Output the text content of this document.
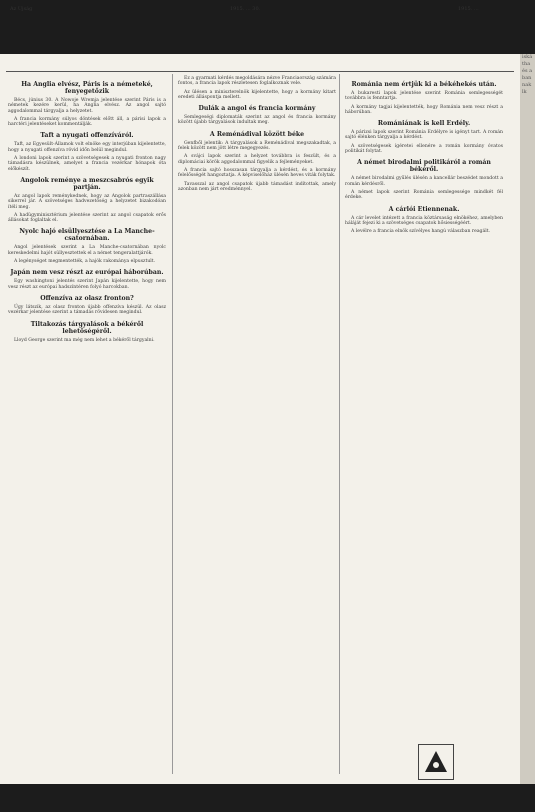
Az Ujság	1915. ... 30.	1915. ...
Ha Anglia elvész, Páris is a németeké, fenyegetőzik

Bécs, június 30. A Nowoje Wremja jelentése szerint Páris is a németek kezére kerül, ha Anglia elvész. Az angol sajtó aggodalommal tárgyalja a helyzetet.

A francia kormány súlyos döntések előtt áll, a párisi lapok a harctéri jelentéseket kommentálják.

Taft a nyugati offenzíváról.

Taft, az Egyesült-Államok volt elnöke egy interjúban kijelentette, hogy a nyugati offenzíva rövid időn belül megindul.

A londoni lapok szerint a szövetségesek a nyugati fronton nagy támadásra készülnek, amelyet a francia vezérkar hónapok óta előkészít.

Angolok reménye a meszcsabrós egyik partján.

Az angol lapok reménykednek, hogy az Angolok partraszállása sikerrel jár. A szövetséges hadvezetőség a helyzetet bizakodóan ítéli meg.

A hadügyminisztérium jelentése szerint az angol csapatok erős állásokat foglaltak el.

Nyolc hajó elsüllyesztése a La Manche-csatornában.

Angol jelentések szerint a La Manche-csatornában nyolc kereskedelmi hajót süllyesztettek el a német tengeralattjárók.

A legénységet megmentették, a hajók rakománya elpusztult.

Japán nem vesz részt az európai háborúban.

Egy washingtoni jelentés szerint Japán kijelentette, hogy nem vesz részt az európai hadszíntéren folyó harcokban.

Offenzíva az olasz fronton?

Úgy látszik, az olasz fronton újabb offenzíva készül. Az olasz vezérkar jelentése szerint a támadás rövidesen megindul.

Tiltakozás tárgyalások a békéről lehetőségéről.

Lloyd George szerint ma még nem lehet a békéről tárgyalni.

Ez a gyarmati kérdés megoldására nézve Franciaország számára fontos, a francia lapok részletesen foglalkoznak vele.

Az ülésen a miniszterelnök kijelentette, hogy a kormány kitart eredeti álláspontja mellett.

Dulák a angol és francia kormány

Semlegeségi diplomaták szerint az angol és francia kormány között újabb tárgyalások indultak meg.

A Reménádival között béke

Genfből jelentik: A tárgyalások a Reménádival megszakadtak, a felek között nem jött létre megegyezés.

A svájci lapok szerint a helyzet továbbra is feszült, és a diplomáciai körök aggodalommal figyelik a fejleményeket.

A francia sajtó hosszasan tárgyalja a kérdést, és a kormány felelősségét hangoztatja. A képviselőház ülésén heves viták folytak.

Tavasszal az angol csapatok újabb támadást indítottak, amely azonban nem járt eredménnyel.

Románia nem értjük ki a békéhekés után.

A bukaresti lapok jelentése szerint Románia semlegességét továbbra is fenntartja.

A kormány tagjai kijelentették, hogy Románia nem vesz részt a háborúban.

Romániának is kell Erdély.

A párizsi lapok szerint Románia Erdélyre is igényt tart. A román sajtó élénken tárgyalja a kérdést.

A szövetségesek ígéretei ellenére a román kormány óvatos politikát folytat.

A német birodalmi politikáról a román békéről.

A német birodalmi gyűlés ülésén a kancellár beszédet mondott a román kérdésről.

A német lapok szerint Románia semlegessége mindkét fél érdeke.

A cárlói Etiennenak.

A cár levelet intézett a francia köztársaság elnökéhez, amelyben háláját fejezi ki a szövetséges csapatok hősiességéért.

A levélre a francia elnök szívélyes hangú válaszban reagált.

iská
tha
és a
ban
nak
lk
